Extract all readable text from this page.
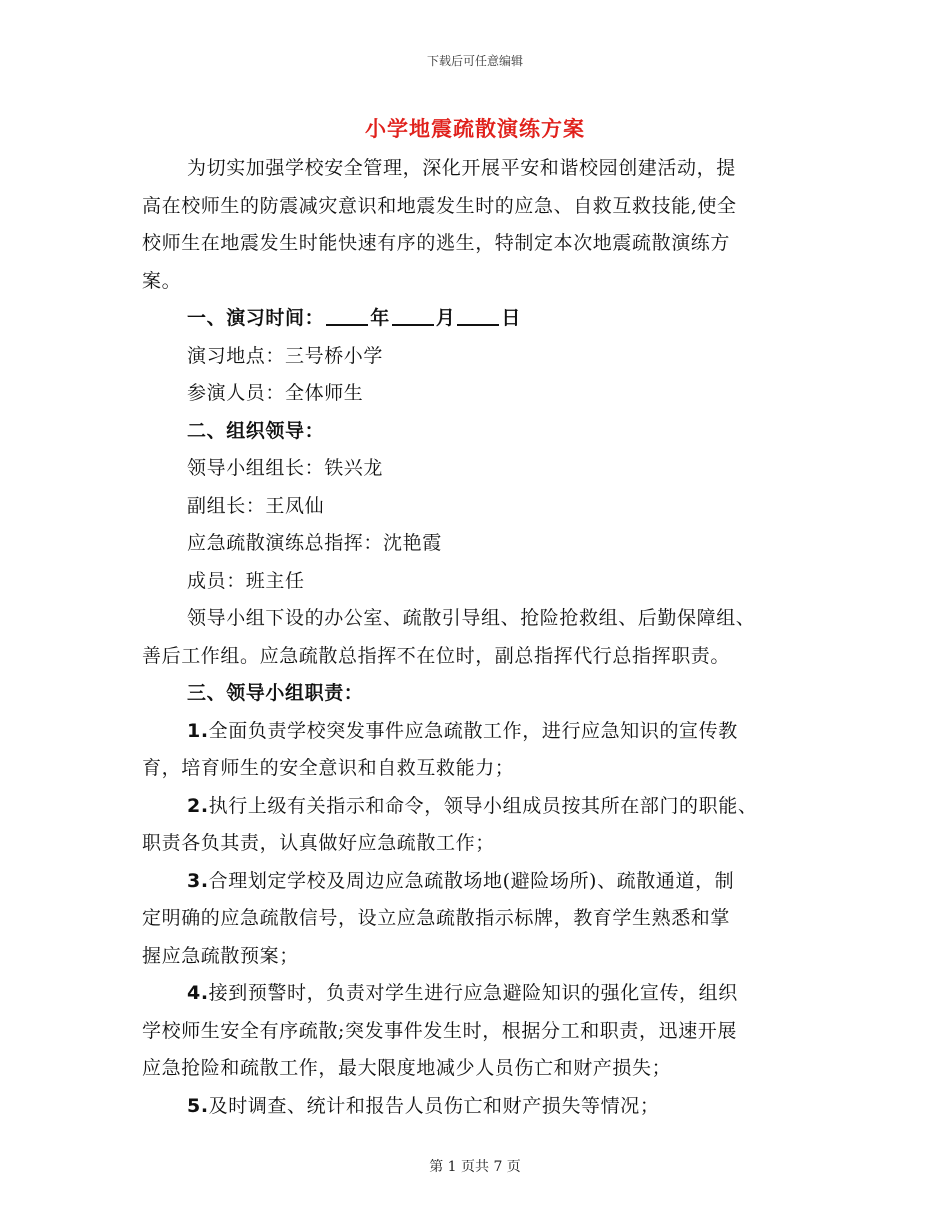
下载后可任意编辑
小学地震疏散演练方案
为切实加强学校安全管理，深化开展平安和谐校园创建活动，提
高在校师生的防震减灾意识和地震发生时的应急、自救互救技能,使全
校师生在地震发生时能快速有序的逃生，特制定本次地震疏散演练方
案。
一、演习时间： 年 月 日
演习地点：三号桥小学
参演人员：全体师生
二、组织领导：
领导小组组长：铁兴龙
副组长：王凤仙
应急疏散演练总指挥：沈艳霞
成员：班主任
领导小组下设的办公室、疏散引导组、抢险抢救组、后勤保障组、
善后工作组。应急疏散总指挥不在位时，副总指挥代行总指挥职责。
三、领导小组职责：
1.全面负责学校突发事件应急疏散工作，进行应急知识的宣传教
育，培育师生的安全意识和自救互救能力；
2.执行上级有关指示和命令，领导小组成员按其所在部门的职能、
职责各负其责，认真做好应急疏散工作；
3.合理划定学校及周边应急疏散场地(避险场所)、疏散通道，制
定明确的应急疏散信号，设立应急疏散指示标牌，教育学生熟悉和掌
握应急疏散预案；
4.接到预警时，负责对学生进行应急避险知识的强化宣传，组织
学校师生安全有序疏散;突发事件发生时，根据分工和职责，迅速开展
应急抢险和疏散工作，最大限度地减少人员伤亡和财产损失；
5.及时调查、统计和报告人员伤亡和财产损失等情况；
第 1 页共 7 页
